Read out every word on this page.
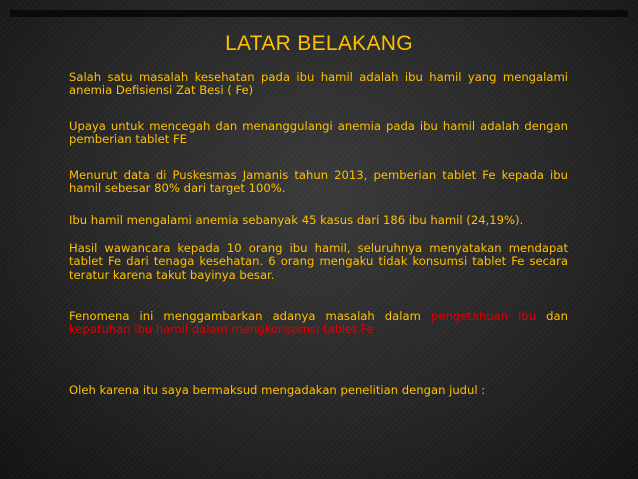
LATAR BELAKANG

Salah satu masalah kesehatan pada ibu hamil adalah ibu hamil yang mengalami anemia Defisiensi Zat Besi ( Fe)

Upaya untuk mencegah dan menanggulangi anemia pada ibu hamil adalah dengan pemberian tablet FE

Menurut data di Puskesmas Jamanis tahun 2013, pemberian tablet Fe kepada ibu hamil sebesar 80% dari target 100%.

Ibu hamil mengalami anemia sebanyak 45 kasus dari 186 ibu hamil (24,19%).

Hasil wawancara kepada 10 orang ibu hamil, seluruhnya menyatakan mendapat tablet Fe dari tenaga kesehatan. 6 orang mengaku tidak konsumsi tablet Fe secara teratur karena takut bayinya besar.

Fenomena ini menggambarkan adanya masalah dalam pengetahuan ibu dan kepatuhan ibu hamil dalam mengkonsumsi tablet Fe

Oleh karena itu saya bermaksud mengadakan penelitian dengan judul :
